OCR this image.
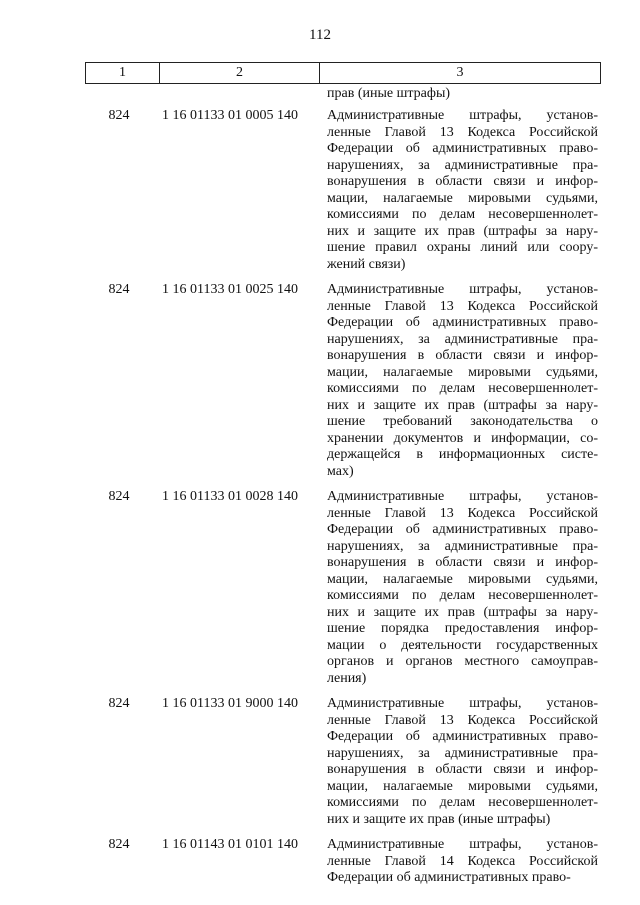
112
1	2	3
прав (иные штрафы)
824	1 16 01133 01 0005 140	Административные штрафы, установ-
ленные Главой 13 Кодекса Российской
Федерации об административных право-
нарушениях, за административные пра-
вонарушения в области связи и инфор-
мации, налагаемые мировыми судьями,
комиссиями по делам несовершеннолет-
них и защите их прав (штрафы за нару-
шение правил охраны линий или соору-
жений связи)
824	1 16 01133 01 0025 140	Административные штрафы, установ-
ленные Главой 13 Кодекса Российской
Федерации об административных право-
нарушениях, за административные пра-
вонарушения в области связи и инфор-
мации, налагаемые мировыми судьями,
комиссиями по делам несовершеннолет-
них и защите их прав (штрафы за нару-
шение требований законодательства о
хранении документов и информации, со-
держащейся в информационных систе-
мах)
824	1 16 01133 01 0028 140	Административные штрафы, установ-
ленные Главой 13 Кодекса Российской
Федерации об административных право-
нарушениях, за административные пра-
вонарушения в области связи и инфор-
мации, налагаемые мировыми судьями,
комиссиями по делам несовершеннолет-
них и защите их прав (штрафы за нару-
шение порядка предоставления инфор-
мации о деятельности государственных
органов и органов местного самоуправ-
ления)
824	1 16 01133 01 9000 140	Административные штрафы, установ-
ленные Главой 13 Кодекса Российской
Федерации об административных право-
нарушениях, за административные пра-
вонарушения в области связи и инфор-
мации, налагаемые мировыми судьями,
комиссиями по делам несовершеннолет-
них и защите их прав (иные штрафы)
824	1 16 01143 01 0101 140	Административные штрафы, установ-
ленные Главой 14 Кодекса Российской
Федерации об административных право-
